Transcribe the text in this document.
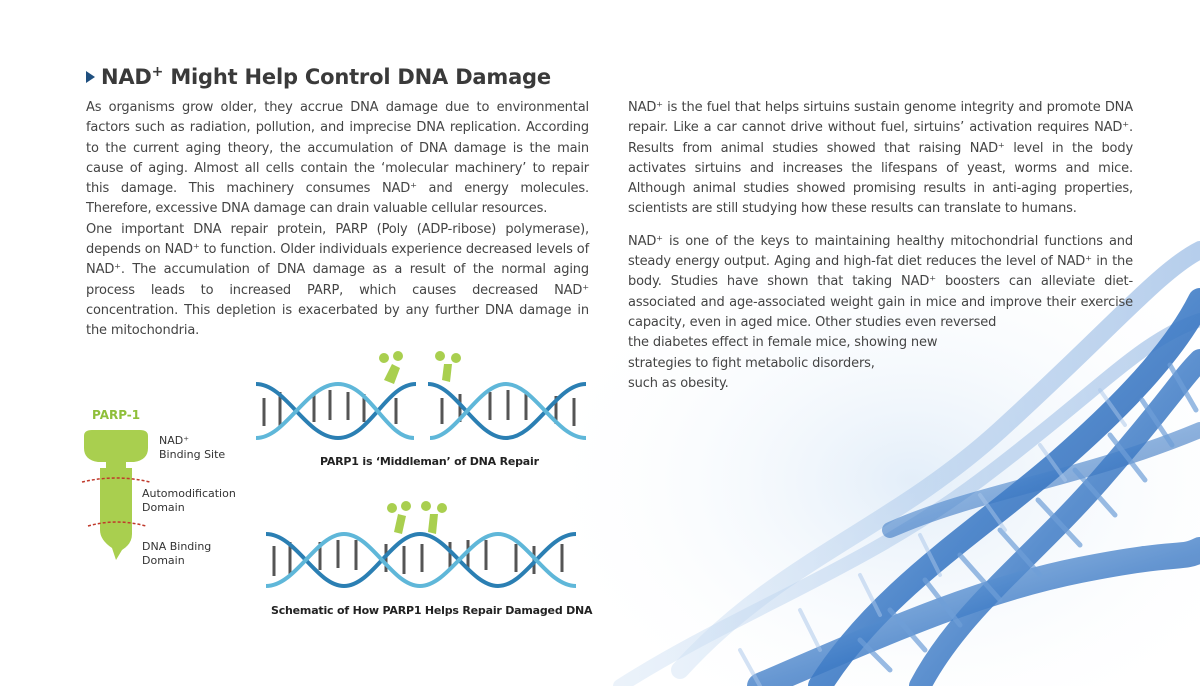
NAD+ Might Help Control DNA Damage

As organisms grow older, they accrue DNA damage due to environmental factors such as radiation, pollution, and imprecise DNA replication. According to the current aging theory, the accumulation of DNA damage is the main cause of aging. Almost all cells contain the ‘molecular machinery’ to repair this damage. This machinery consumes NAD⁺ and energy molecules. Therefore, excessive DNA damage can drain valuable cellular resources.

One important DNA repair protein, PARP (Poly (ADP-ribose) polymerase), depends on NAD⁺ to function. Older individuals experience decreased levels of NAD⁺. The accumulation of DNA damage as a result of the normal aging process leads to increased PARP, which causes decreased NAD⁺ concentration. This depletion is exacerbated by any further DNA damage in the mitochondria.

NAD⁺ is the fuel that helps sirtuins sustain genome integrity and promote DNA repair. Like a car cannot drive without fuel, sirtuins’ activation requires NAD⁺. Results from animal studies showed that raising NAD⁺ level in the body activates sirtuins and increases the lifespans of yeast, worms and mice. Although animal studies showed promising results in anti-aging properties, scientists are still studying how these results can translate to humans.

NAD⁺ is one of the keys to maintaining healthy mitochondrial functions and steady energy output. Aging and high-fat diet reduces the level of NAD⁺ in the body. Studies have shown that taking NAD⁺ boosters can alleviate diet-associated and age-associated weight gain in mice and improve their exercise capacity, even in aged mice. Other studies even reversed

the diabetes effect in female mice, showing new

strategies to fight metabolic disorders,

such as obesity.

PARP-1
NAD⁺
Binding Site
Automodification
Domain
DNA Binding
Domain
PARP1 is ‘Middleman’ of DNA Repair
Schematic of How PARP1 Helps Repair Damaged DNA
